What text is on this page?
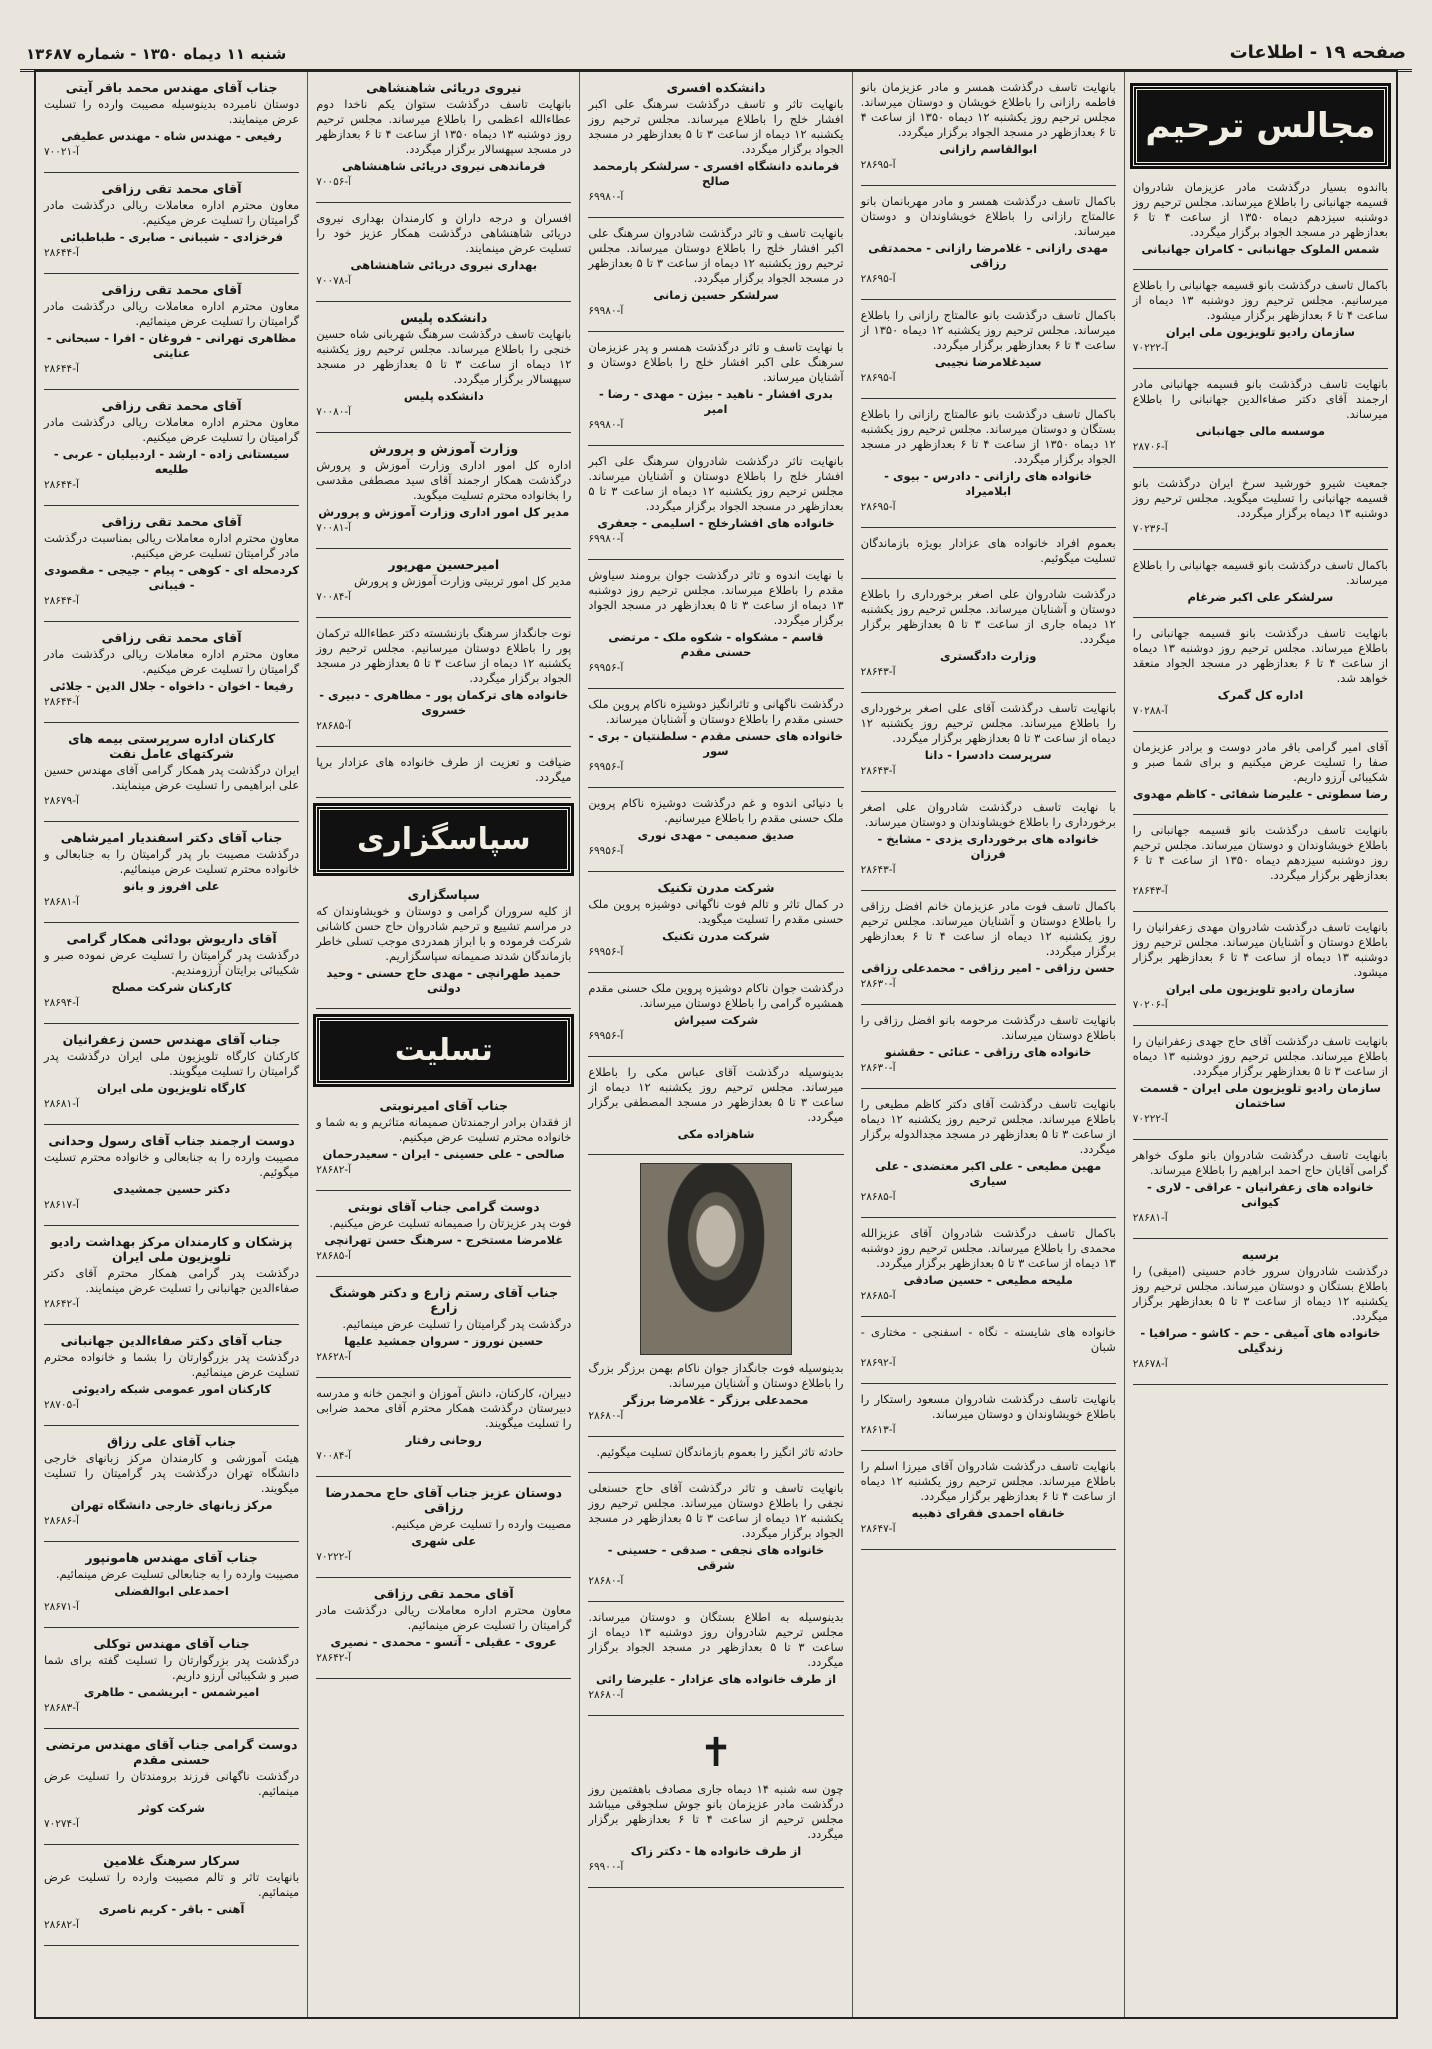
صفحه ۱۹ - اطلاعات
شنبه ۱۱ دیماه ۱۳۵۰ - شماره ۱۳۶۸۷
مجالس ترحیم
بااندوه بسیار درگذشت مادر عزیزمان شادروان قسیمه جهانبانی را باطلاع میرساند. مجلس ترحیم روز دوشنبه سیزدهم دیماه ۱۳۵۰ از ساعت ۴ تا ۶ بعدازظهر در مسجد الجواد برگزار میگردد.
شمس الملوک جهانبانی - کامران جهانبانی
باکمال تاسف درگذشت بانو قسیمه جهانبانی را باطلاع میرسانیم. مجلس ترحیم روز دوشنبه ۱۳ دیماه از ساعت ۴ تا ۶ بعدازظهر برگزار میشود.
سازمان رادیو تلویزیون ملی ایران
آ-۷۰۲۲۲
بانهایت تاسف درگذشت بانو قسیمه جهانبانی مادر ارجمند آقای دکتر صفاءالدین جهانبانی را باطلاع میرساند.
موسسه مالی جهانبانی
آ-۲۸۷۰۶
جمعیت شیرو خورشید سرخ ایران درگذشت بانو قسیمه جهانبانی را تسلیت میگوید. مجلس ترحیم روز دوشنبه ۱۳ دیماه برگزار میگردد.
آ-۷۰۲۳۶
باکمال تاسف درگذشت بانو قسیمه جهانبانی را باطلاع میرساند.
سرلشکر علی اکبر ضرغام
بانهایت تاسف درگذشت بانو قسیمه جهانبانی را باطلاع میرساند. مجلس ترحیم روز دوشنبه ۱۳ دیماه از ساعت ۴ تا ۶ بعدازظهر در مسجد الجواد منعقد خواهد شد.
اداره کل گمرک
آ-۷۰۲۸۸
آقای امیر گرامی باقر مادر دوست و برادر عزیزمان صفا را تسلیت عرض میکنیم و برای شما صبر و شکیبائی آرزو داریم.
رضا سطوتی - علیرضا شفائی - کاظم مهدوی
بانهایت تاسف درگذشت بانو قسیمه جهانبانی را باطلاع خویشاوندان و دوستان میرساند. مجلس ترحیم روز دوشنبه سیزدهم دیماه ۱۳۵۰ از ساعت ۴ تا ۶ بعدازظهر برگزار میگردد.
آ-۲۸۶۴۳
بانهایت تاسف درگذشت شادروان مهدی زعفرانیان را باطلاع دوستان و آشنایان میرساند. مجلس ترحیم روز دوشنبه ۱۳ دیماه از ساعت ۴ تا ۶ بعدازظهر برگزار میشود.
سازمان رادیو تلویزیون ملی ایران
آ-۷۰۲۰۶
بانهایت تاسف درگذشت آقای حاج جهدی زعفرانیان را باطلاع میرساند. مجلس ترحیم روز دوشنبه ۱۳ دیماه از ساعت ۳ تا ۵ بعدازظهر برگزار میگردد.
سازمان رادیو تلویزیون ملی ایران - قسمت ساختمان
آ-۷۰۲۲۲
بانهایت تاسف درگذشت شادروان بانو ملوک خواهر گرامی آقایان حاج احمد ابراهیم را باطلاع میرساند.
خانواده های زعفرانیان - عراقی - لاری - کیوانی
آ-۲۸۶۸۱
برسیه
درگذشت شادروان سرور خادم حسینی (امیقی) را باطلاع بستگان و دوستان میرساند. مجلس ترحیم روز یکشنبه ۱۲ دیماه از ساعت ۳ تا ۵ بعدازظهر برگزار میگردد.
خانواده های آمیقی - حم - کاشو - صرافیا - زندگیلی
آ-۲۸۶۷۸
بانهایت تاسف درگذشت همسر و مادر عزیزمان بانو فاطمه رازانی را باطلاع خویشان و دوستان میرساند. مجلس ترحیم روز یکشنبه ۱۲ دیماه ۱۳۵۰ از ساعت ۴ تا ۶ بعدازظهر در مسجد الجواد برگزار میگردد.
ابوالقاسم رازانی
آ-۲۸۶۹۵
باکمال تاسف درگذشت همسر و مادر مهربانمان بانو عالمتاج رازانی را باطلاع خویشاوندان و دوستان میرساند.
مهدی رازانی - غلامرضا رازانی - محمدتقی رزاقی
آ-۲۸۶۹۵
باکمال تاسف درگذشت بانو عالمتاج رازانی را باطلاع میرساند. مجلس ترحیم روز یکشنبه ۱۲ دیماه ۱۳۵۰ از ساعت ۴ تا ۶ بعدازظهر برگزار میگردد.
سیدغلامرضا نجیبی
آ-۲۸۶۹۵
باکمال تاسف درگذشت بانو عالمتاج رازانی را باطلاع بستگان و دوستان میرساند. مجلس ترحیم روز یکشنبه ۱۲ دیماه ۱۳۵۰ از ساعت ۴ تا ۶ بعدازظهر در مسجد الجواد برگزار میگردد.
خانواده های رازانی - دادرس - بیوی - ابلامیراد
آ-۲۸۶۹۵
بعموم افراد خانواده های عزادار بویژه بازماندگان تسلیت میگوئیم.
درگذشت شادروان علی اصغر برخورداری را باطلاع دوستان و آشنایان میرساند. مجلس ترحیم روز یکشنبه ۱۲ دیماه جاری از ساعت ۳ تا ۵ بعدازظهر برگزار میگردد.
وزارت دادگستری
آ-۲۸۶۴۳
بانهایت تاسف درگذشت آقای علی اصغر برخورداری را باطلاع میرساند. مجلس ترحیم روز یکشنبه ۱۲ دیماه از ساعت ۳ تا ۵ بعدازظهر برگزار میگردد.
سرپرست دادسرا - دانا
آ-۲۸۶۴۳
با نهایت تاسف درگذشت شادروان علی اصغر برخورداری را باطلاع خویشاوندان و دوستان میرساند.
خانواده های برخورداری یزدی - مشایخ - فرزان
آ-۲۸۶۴۳
باکمال تاسف فوت مادر عزیزمان خانم افضل رزاقی را باطلاع دوستان و آشنایان میرساند. مجلس ترحیم روز یکشنبه ۱۲ دیماه از ساعت ۴ تا ۶ بعدازظهر برگزار میگردد.
حسن رزاقی - امیر رزاقی - محمدعلی رزاقی
آ-۲۸۶۳۰
بانهایت تاسف درگذشت مرحومه بانو افضل رزاقی را باطلاع دوستان میرساند.
خانواده های رزاقی - عنائی - حقشنو
آ-۲۸۶۳۰
بانهایت تاسف درگذشت آقای دکتر کاظم مطیعی را باطلاع میرساند. مجلس ترحیم روز یکشنبه ۱۲ دیماه از ساعت ۳ تا ۵ بعدازظهر در مسجد مجدالدوله برگزار میگردد.
مهین مطیعی - علی اکبر معتضدی - علی سیاری
آ-۲۸۶۸۵
باکمال تاسف درگذشت شادروان آقای عزیزالله محمدی را باطلاع میرساند. مجلس ترحیم روز دوشنبه ۱۳ دیماه از ساعت ۳ تا ۵ بعدازظهر برگزار میگردد.
ملیحه مطیعی - حسین صادقی
آ-۲۸۶۸۵
خانواده های شایسته - نگاه - اسفنجی - مختاری - شبان
آ-۲۸۶۹۲
بانهایت تاسف درگذشت شادروان مسعود راستکار را باطلاع خویشاوندان و دوستان میرساند.
آ-۲۸۶۱۳
بانهایت تاسف درگذشت شادروان آقای میرزا اسلم را باطلاع میرساند. مجلس ترحیم روز یکشنبه ۱۲ دیماه از ساعت ۴ تا ۶ بعدازظهر برگزار میگردد.
خانقاه احمدی فقرای ذهبیه
آ-۲۸۶۴۷
دانشکده افسری
بانهایت تاثر و تاسف درگذشت سرهنگ علی اکبر افشار خلج را باطلاع میرساند. مجلس ترحیم روز یکشنبه ۱۲ دیماه از ساعت ۳ تا ۵ بعدازظهر در مسجد الجواد برگزار میگردد.
فرمانده دانشگاه افسری - سرلشکر پارمحمد صالح
آ-۶۹۹۸۰
بانهایت تاسف و تاثر درگذشت شادروان سرهنگ علی اکبر افشار خلج را باطلاع دوستان میرساند. مجلس ترحیم روز یکشنبه ۱۲ دیماه از ساعت ۳ تا ۵ بعدازظهر در مسجد الجواد برگزار میگردد.
سرلشکر حسین زمانی
آ-۶۹۹۸۰
با نهایت تاسف و تاثر درگذشت همسر و پدر عزیزمان سرهنگ علی اکبر افشار خلج را باطلاع دوستان و آشنایان میرساند.
بدری افشار - ناهید - بیژن - مهدی - رضا - امیر
آ-۶۹۹۸۰
بانهایت تاثر درگذشت شادروان سرهنگ علی اکبر افشار خلج را باطلاع دوستان و آشنایان میرساند. مجلس ترحیم روز یکشنبه ۱۲ دیماه از ساعت ۳ تا ۵ بعدازظهر در مسجد الجواد برگزار میگردد.
خانواده های افشارخلج - اسلیمی - جعفری
آ-۶۹۹۸۰
با نهایت اندوه و تاثر درگذشت جوان برومند سیاوش مقدم را باطلاع میرساند. مجلس ترحیم روز دوشنبه ۱۳ دیماه از ساعت ۳ تا ۵ بعدازظهر در مسجد الجواد برگزار میگردد.
قاسم - مشکواه - شکوه ملک - مرتضی حسنی مقدم
آ-۶۹۹۵۶
درگذشت ناگهانی و تاثرانگیز دوشیزه ناکام پروین ملک حسنی مقدم را باطلاع دوستان و آشنایان میرساند.
خانواده های حسنی مقدم - سلطنتیان - بری - سور
آ-۶۹۹۵۶
با دنیائی اندوه و غم درگذشت دوشیزه ناکام پروین ملک حسنی مقدم را باطلاع میرسانیم.
صدیق صمیمی - مهدی نوری
آ-۶۹۹۵۶
شرکت مدرن تکنیک
در کمال تاثر و تالم فوت ناگهانی دوشیزه پروین ملک حسنی مقدم را تسلیت میگوید.
شرکت مدرن تکنیک
آ-۶۹۹۵۶
درگذشت جوان ناکام دوشیزه پروین ملک حسنی مقدم همشیره گرامی را باطلاع دوستان میرساند.
شرکت سیراش
آ-۶۹۹۵۶
بدینوسیله درگذشت آقای عباس مکی را باطلاع میرساند. مجلس ترحیم روز یکشنبه ۱۲ دیماه از ساعت ۳ تا ۵ بعدازظهر در مسجد المصطفی برگزار میگردد.
شاهزاده مکی
بدینوسیله فوت جانگداز جوان ناکام بهمن برزگر بزرگ را باطلاع دوستان و آشنایان میرساند.
محمدعلی برزگر - غلامرضا برزگر
آ-۲۸۶۸۰
حادثه تاثر انگیز را بعموم بازماندگان تسلیت میگوئیم.
بانهایت تاسف و تاثر درگذشت آقای حاج حسنعلی نجفی را باطلاع دوستان میرساند. مجلس ترحیم روز یکشنبه ۱۲ دیماه از ساعت ۳ تا ۵ بعدازظهر در مسجد الجواد برگزار میگردد.
خانواده های نجفی - صدقی - حسینی - شرقی
آ-۲۸۶۸۰
بدینوسیله به اطلاع بستگان و دوستان میرساند. مجلس ترحیم شادروان روز دوشنبه ۱۳ دیماه از ساعت ۳ تا ۵ بعدازظهر در مسجد الجواد برگزار میگردد.
از طرف خانواده های عزادار - علیرضا راثی
آ-۲۸۶۸۰
✝
چون سه شنبه ۱۴ دیماه جاری مصادف باهفتمین روز درگذشت مادر عزیزمان بانو جوش سلجوقی میباشد مجلس ترحیم از ساعت ۴ تا ۶ بعدازظهر برگزار میگردد.
از طرف خانواده ها - دکتر زاک
آ-۶۹۹۰۰
نیروی دریائی شاهنشاهی
بانهایت تاسف درگذشت ستوان یکم ناخدا دوم عطاءالله اعظمی را باطلاع میرساند. مجلس ترحیم روز دوشنبه ۱۳ دیماه ۱۳۵۰ از ساعت ۴ تا ۶ بعدازظهر در مسجد سپهسالار برگزار میگردد.
فرماندهی نیروی دریائی شاهنشاهی
آ-۷۰۰۵۶
افسران و درجه داران و کارمندان بهداری نیروی دریائی شاهنشاهی درگذشت همکار عزیز خود را تسلیت عرض مینمایند.
بهداری نیروی دریائی شاهنشاهی
آ-۷۰۰۷۸
دانشکده پلیس
بانهایت تاسف درگذشت سرهنگ شهربانی شاه حسین خنجی را باطلاع میرساند. مجلس ترحیم روز یکشنبه ۱۲ دیماه از ساعت ۳ تا ۵ بعدازظهر در مسجد سپهسالار برگزار میگردد.
دانشکده پلیس
آ-۷۰۰۸۰
وزارت آموزش و پرورش
اداره کل امور اداری وزارت آموزش و پرورش درگذشت همکار ارجمند آقای سید مصطفی مقدسی را بخانواده محترم تسلیت میگوید.
مدیر کل امور اداری وزارت آموزش و پرورش
آ-۷۰۰۸۱
امیرحسین مهرپور
مدیر کل امور تربیتی وزارت آموزش و پرورش
آ-۷۰۰۸۴
نوت جانگداز سرهنگ بازنشسته دکتر عطاءالله ترکمان پور را باطلاع دوستان میرسانیم. مجلس ترحیم روز یکشنبه ۱۲ دیماه از ساعت ۳ تا ۵ بعدازظهر در مسجد الجواد برگزار میگردد.
خانواده های ترکمان پور - مظاهری - دبیری - خسروی
آ-۲۸۶۸۵
ضیافت و تعزیت از طرف خانواده های عزادار برپا میگردد.
سپاسگزاری
سپاسگزاری
از کلیه سروران گرامی و دوستان و خویشاوندان که در مراسم تشییع و ترحیم شادروان حاج حسن کاشانی شرکت فرموده و با ابراز همدردی موجب تسلی خاطر بازماندگان شدند صمیمانه سپاسگزاریم.
حمید طهرانچی - مهدی حاج حسنی - وحید دولتی
تسلیت
جناب آقای امیرنوبتی
از فقدان برادر ارجمندتان صمیمانه متاثریم و به شما و خانواده محترم تسلیت عرض میکنیم.
صالحی - علی حسینی - ایران - سعیدرحمان
آ-۲۸۶۸۲
دوست گرامی جناب آقای نوبتی
فوت پدر عزیزتان را صمیمانه تسلیت عرض میکنیم.
غلامرضا مستخرج - سرهنگ حسن تهرانچی
آ-۲۸۶۸۵
جناب آقای رستم زارع و دکتر هوشنگ زارع
درگذشت پدر گرامیتان را تسلیت عرض مینمائیم.
حسین نوروز - سروان جمشید علیها
آ-۲۸۶۲۸
دبیران، کارکنان، دانش آموزان و انجمن خانه و مدرسه دبیرستان درگذشت همکار محترم آقای محمد ضرابی را تسلیت میگویند.
روحانی رفتار
آ-۷۰۰۸۴
دوستان عزیز جناب آقای حاج محمدرضا رزاقی
مصیبت وارده را تسلیت عرض میکنیم.
علی شهری
آ-۷۰۲۲۲
آقای محمد تقی رزاقی
معاون محترم اداره معاملات ریالی درگذشت مادر گرامیتان را تسلیت عرض مینمائیم.
عروی - عقیلی - آتسو - محمدی - نصیری
آ-۲۸۶۴۲
جناب آقای مهندس محمد باقر آیتی
دوستان نامبرده بدینوسیله مصیبت وارده را تسلیت عرض مینمایند.
رفیعی - مهندس شاه - مهندس عطیفی
آ-۷۰۰۲۱
آقای محمد تقی رزاقی
معاون محترم اداره معاملات ریالی درگذشت مادر گرامیتان را تسلیت عرض میکنیم.
فرخزادی - شیبانی - صابری - طباطبائی
آ-۲۸۶۴۴
آقای محمد تقی رزاقی
معاون محترم اداره معاملات ریالی درگذشت مادر گرامیتان را تسلیت عرض مینمائیم.
مظاهری تهرانی - فروغان - افرا - سبحانی - عنایتی
آ-۲۸۶۴۴
آقای محمد تقی رزاقی
معاون محترم اداره معاملات ریالی درگذشت مادر گرامیتان را تسلیت عرض میکنیم.
سیستانی زاده - ارشد - اردبیلیان - عربی - طلیعه
آ-۲۸۶۴۴
آقای محمد تقی رزاقی
معاون محترم اداره معاملات ریالی بمناسبت درگذشت مادر گرامیتان تسلیت عرض میکنیم.
کردمحله ای - کوهی - پیام - جیجی - مقصودی - فیبانی
آ-۲۸۶۴۴
آقای محمد تقی رزاقی
معاون محترم اداره معاملات ریالی درگذشت مادر گرامیتان را تسلیت عرض میکنیم.
رفیعا - اخوان - داخواه - جلال الدین - جلائی
آ-۲۸۶۴۴
کارکنان اداره سرپرستی بیمه های شرکتهای عامل نفت
ایران درگذشت پدر همکار گرامی آقای مهندس حسین علی ابراهیمی را تسلیت عرض مینمایند.
آ-۲۸۶۷۹
جناب آقای دکتر اسفندیار امیرشاهی
درگذشت مصیبت بار پدر گرامیتان را به جنابعالی و خانواده محترم تسلیت عرض مینمائیم.
علی افروز و بانو
آ-۲۸۶۸۱
آقای داریوش بودائی همکار گرامی
درگذشت پدر گرامیتان را تسلیت عرض نموده صبر و شکیبائی برایتان آرزومندیم.
کارکنان شرکت مصلح
آ-۲۸۶۹۴
جناب آقای مهندس حسن زعفرانیان
کارکنان کارگاه تلویزیون ملی ایران درگذشت پدر گرامیتان را تسلیت میگویند.
کارگاه تلویزیون ملی ایران
آ-۲۸۶۸۱
دوست ارجمند جناب آقای رسول وحدانی
مصیبت وارده را به جنابعالی و خانواده محترم تسلیت میگوئیم.
دکتر حسین جمشیدی
آ-۲۸۶۱۷
پزشکان و کارمندان مرکز بهداشت رادیو تلویزیون ملی ایران
درگذشت پدر گرامی همکار محترم آقای دکتر صفاءالدین جهانبانی را تسلیت عرض مینمایند.
آ-۲۸۶۴۲
جناب آقای دکتر صفاءالدین جهانبانی
درگذشت پدر بزرگوارتان را بشما و خانواده محترم تسلیت عرض مینمائیم.
کارکنان امور عمومی شبکه رادیوئی
آ-۲۸۷۰۵
جناب آقای علی رزاق
هیئت آموزشی و کارمندان مرکز زبانهای خارجی دانشگاه تهران درگذشت پدر گرامیتان را تسلیت میگویند.
مرکز زبانهای خارجی دانشگاه تهران
آ-۲۸۶۸۶
جناب آقای مهندس هامونپور
مصیبت وارده را به جنابعالی تسلیت عرض مینمائیم.
احمدعلی ابوالفضلی
آ-۲۸۶۷۱
جناب آقای مهندس توکلی
درگذشت پدر بزرگوارتان را تسلیت گفته برای شما صبر و شکیبائی آرزو داریم.
امیرشمس - ابریشمی - طاهری
آ-۲۸۶۸۳
دوست گرامی جناب آقای مهندس مرتضی حسنی مقدم
درگذشت ناگهانی فرزند برومندتان را تسلیت عرض مینمائیم.
شرکت کوثر
آ-۷۰۲۷۴
سرکار سرهنگ غلامین
بانهایت تاثر و تالم مصیبت وارده را تسلیت عرض مینمائیم.
آهنی - باقر - کریم ناصری
آ-۲۸۶۸۲
